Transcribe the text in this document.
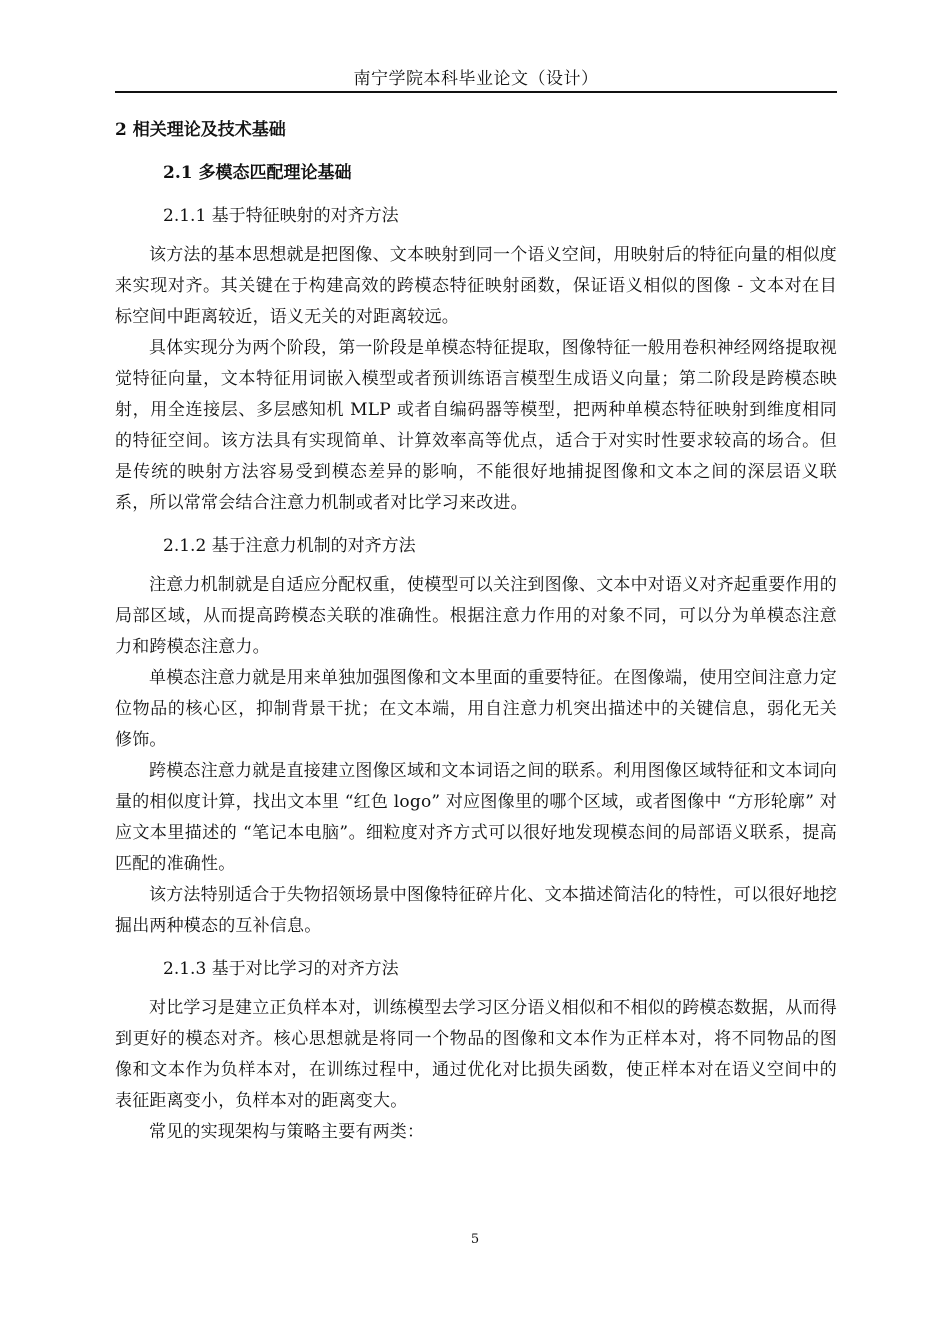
南宁学院本科毕业论文（设计）
2 相关理论及技术基础
2.1 多模态匹配理论基础
2.1.1 基于特征映射的对齐方法

该方法的基本思想就是把图像、文本映射到同一个语义空间，用映射后的特征向量的相似度来实现对齐。其关键在于构建高效的跨模态特征映射函数，保证语义相似的图像 - 文本对在目标空间中距离较近，语义无关的对距离较远。

具体实现分为两个阶段，第一阶段是单模态特征提取，图像特征一般用卷积神经网络提取视觉特征向量，文本特征用词嵌入模型或者预训练语言模型生成语义向量；第二阶段是跨模态映射，用全连接层、多层感知机 MLP 或者自编码器等模型，把两种单模态特征映射到维度相同的特征空间。该方法具有实现简单、计算效率高等优点，适合于对实时性要求较高的场合。但是传统的映射方法容易受到模态差异的影响，不能很好地捕捉图像和文本之间的深层语义联系，所以常常会结合注意力机制或者对比学习来改进。

2.1.2 基于注意力机制的对齐方法

注意力机制就是自适应分配权重，使模型可以关注到图像、文本中对语义对齐起重要作用的局部区域，从而提高跨模态关联的准确性。根据注意力作用的对象不同，可以分为单模态注意力和跨模态注意力。

单模态注意力就是用来单独加强图像和文本里面的重要特征。在图像端，使用空间注意力定位物品的核心区，抑制背景干扰；在文本端，用自注意力机突出描述中的关键信息，弱化无关修饰。

跨模态注意力就是直接建立图像区域和文本词语之间的联系。利用图像区域特征和文本词向量的相似度计算，找出文本里 “红色 logo” 对应图像里的哪个区域，或者图像中 “方形轮廓” 对应文本里描述的 “笔记本电脑”。细粒度对齐方式可以很好地发现模态间的局部语义联系，提高匹配的准确性。

该方法特别适合于失物招领场景中图像特征碎片化、文本描述简洁化的特性，可以很好地挖掘出两种模态的互补信息。

2.1.3 基于对比学习的对齐方法

对比学习是建立正负样本对，训练模型去学习区分语义相似和不相似的跨模态数据，从而得到更好的模态对齐。核心思想就是将同一个物品的图像和文本作为正样本对，将不同物品的图像和文本作为负样本对，在训练过程中，通过优化对比损失函数，使正样本对在语义空间中的表征距离变小，负样本对的距离变大。

常见的实现架构与策略主要有两类：

5
